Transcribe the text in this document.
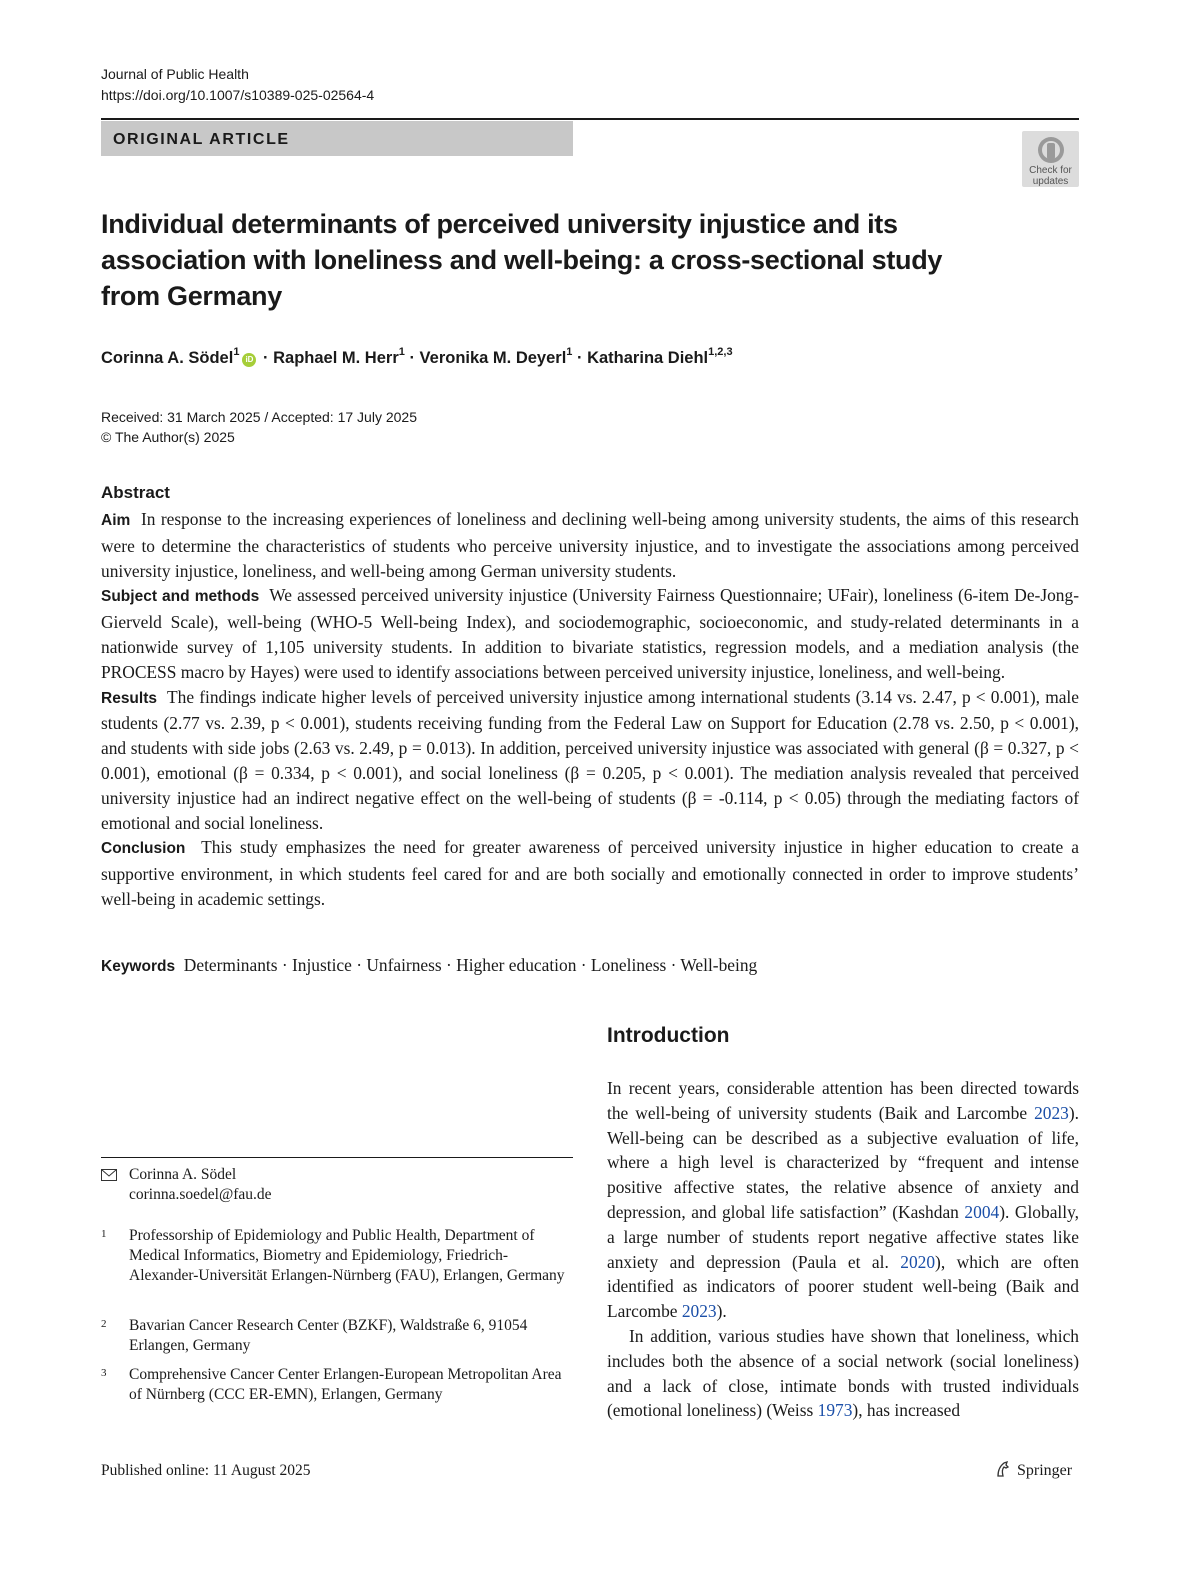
Journal of Public Health
https://doi.org/10.1007/s10389-025-02564-4
ORIGINAL ARTICLE
Check for
updates
Individual determinants of perceived university injustice and its association with loneliness and well-being: a cross-sectional study from Germany
Corinna A. Södel$^1$iD · Raphael M. Herr$^1$ · Veronika M. Deyerl$^1$ · Katharina Diehl$^{1,2,3}$
Received: 31 March 2025 / Accepted: 17 July 2025
© The Author(s) 2025
Abstract

Aim In response to the increasing experiences of loneliness and declining well-being among university students, the aims of this research were to determine the characteristics of students who perceive university injustice, and to investigate the associations among perceived university injustice, loneliness, and well-being among German university students.

Subject and methods We assessed perceived university injustice (University Fairness Questionnaire; UFair), loneliness (6-item De-Jong-Gierveld Scale), well-being (WHO-5 Well-being Index), and sociodemographic, socioeconomic, and study-related determinants in a nationwide survey of 1,105 university students. In addition to bivariate statistics, regression models, and a mediation analysis (the PROCESS macro by Hayes) were used to identify associations between perceived university injustice, loneliness, and well-being.

Results The findings indicate higher levels of perceived university injustice among international students (3.14 vs. 2.47, p < 0.001), male students (2.77 vs. 2.39, p < 0.001), students receiving funding from the Federal Law on Support for Education (2.78 vs. 2.50, p < 0.001), and students with side jobs (2.63 vs. 2.49, p = 0.013). In addition, perceived university injustice was associated with general (β = 0.327, p < 0.001), emotional (β = 0.334, p < 0.001), and social loneliness (β = 0.205, p < 0.001). The mediation analysis revealed that perceived university injustice had an indirect negative effect on the well-being of students (β = -0.114, p < 0.05) through the mediating factors of emotional and social loneliness.

Conclusion This study emphasizes the need for greater awareness of perceived university injustice in higher education to create a supportive environment, in which students feel cared for and are both socially and emotionally connected in order to improve students’ well-being in academic settings.

Keywords Determinants · Injustice · Unfairness · Higher education · Loneliness · Well-being
Introduction

In recent years, considerable attention has been directed towards the well-being of university students (Baik and Larcombe 2023). Well-being can be described as a subjective evaluation of life, where a high level is characterized by “frequent and intense positive affective states, the relative absence of anxiety and depression, and global life satisfaction” (Kashdan 2004). Globally, a large number of students report negative affective states like anxiety and depression (Paula et al. 2020), which are often identified as indicators of poorer student well-being (Baik and Larcombe 2023).

In addition, various studies have shown that loneliness, which includes both the absence of a social network (social loneliness) and a lack of close, intimate bonds with trusted individuals (emotional loneliness) (Weiss 1973), has increased

Corinna A. Södel
corinna.soedel@fau.de
1 Professorship of Epidemiology and Public Health, Department of Medical Informatics, Biometry and Epidemiology, Friedrich-Alexander-Universität Erlangen-Nürnberg (FAU), Erlangen, Germany
2 Bavarian Cancer Research Center (BZKF), Waldstraße 6, 91054 Erlangen, Germany
3 Comprehensive Cancer Center Erlangen-European Metropolitan Area of Nürnberg (CCC ER-EMN), Erlangen, Germany
Published online: 11 August 2025	Springer
